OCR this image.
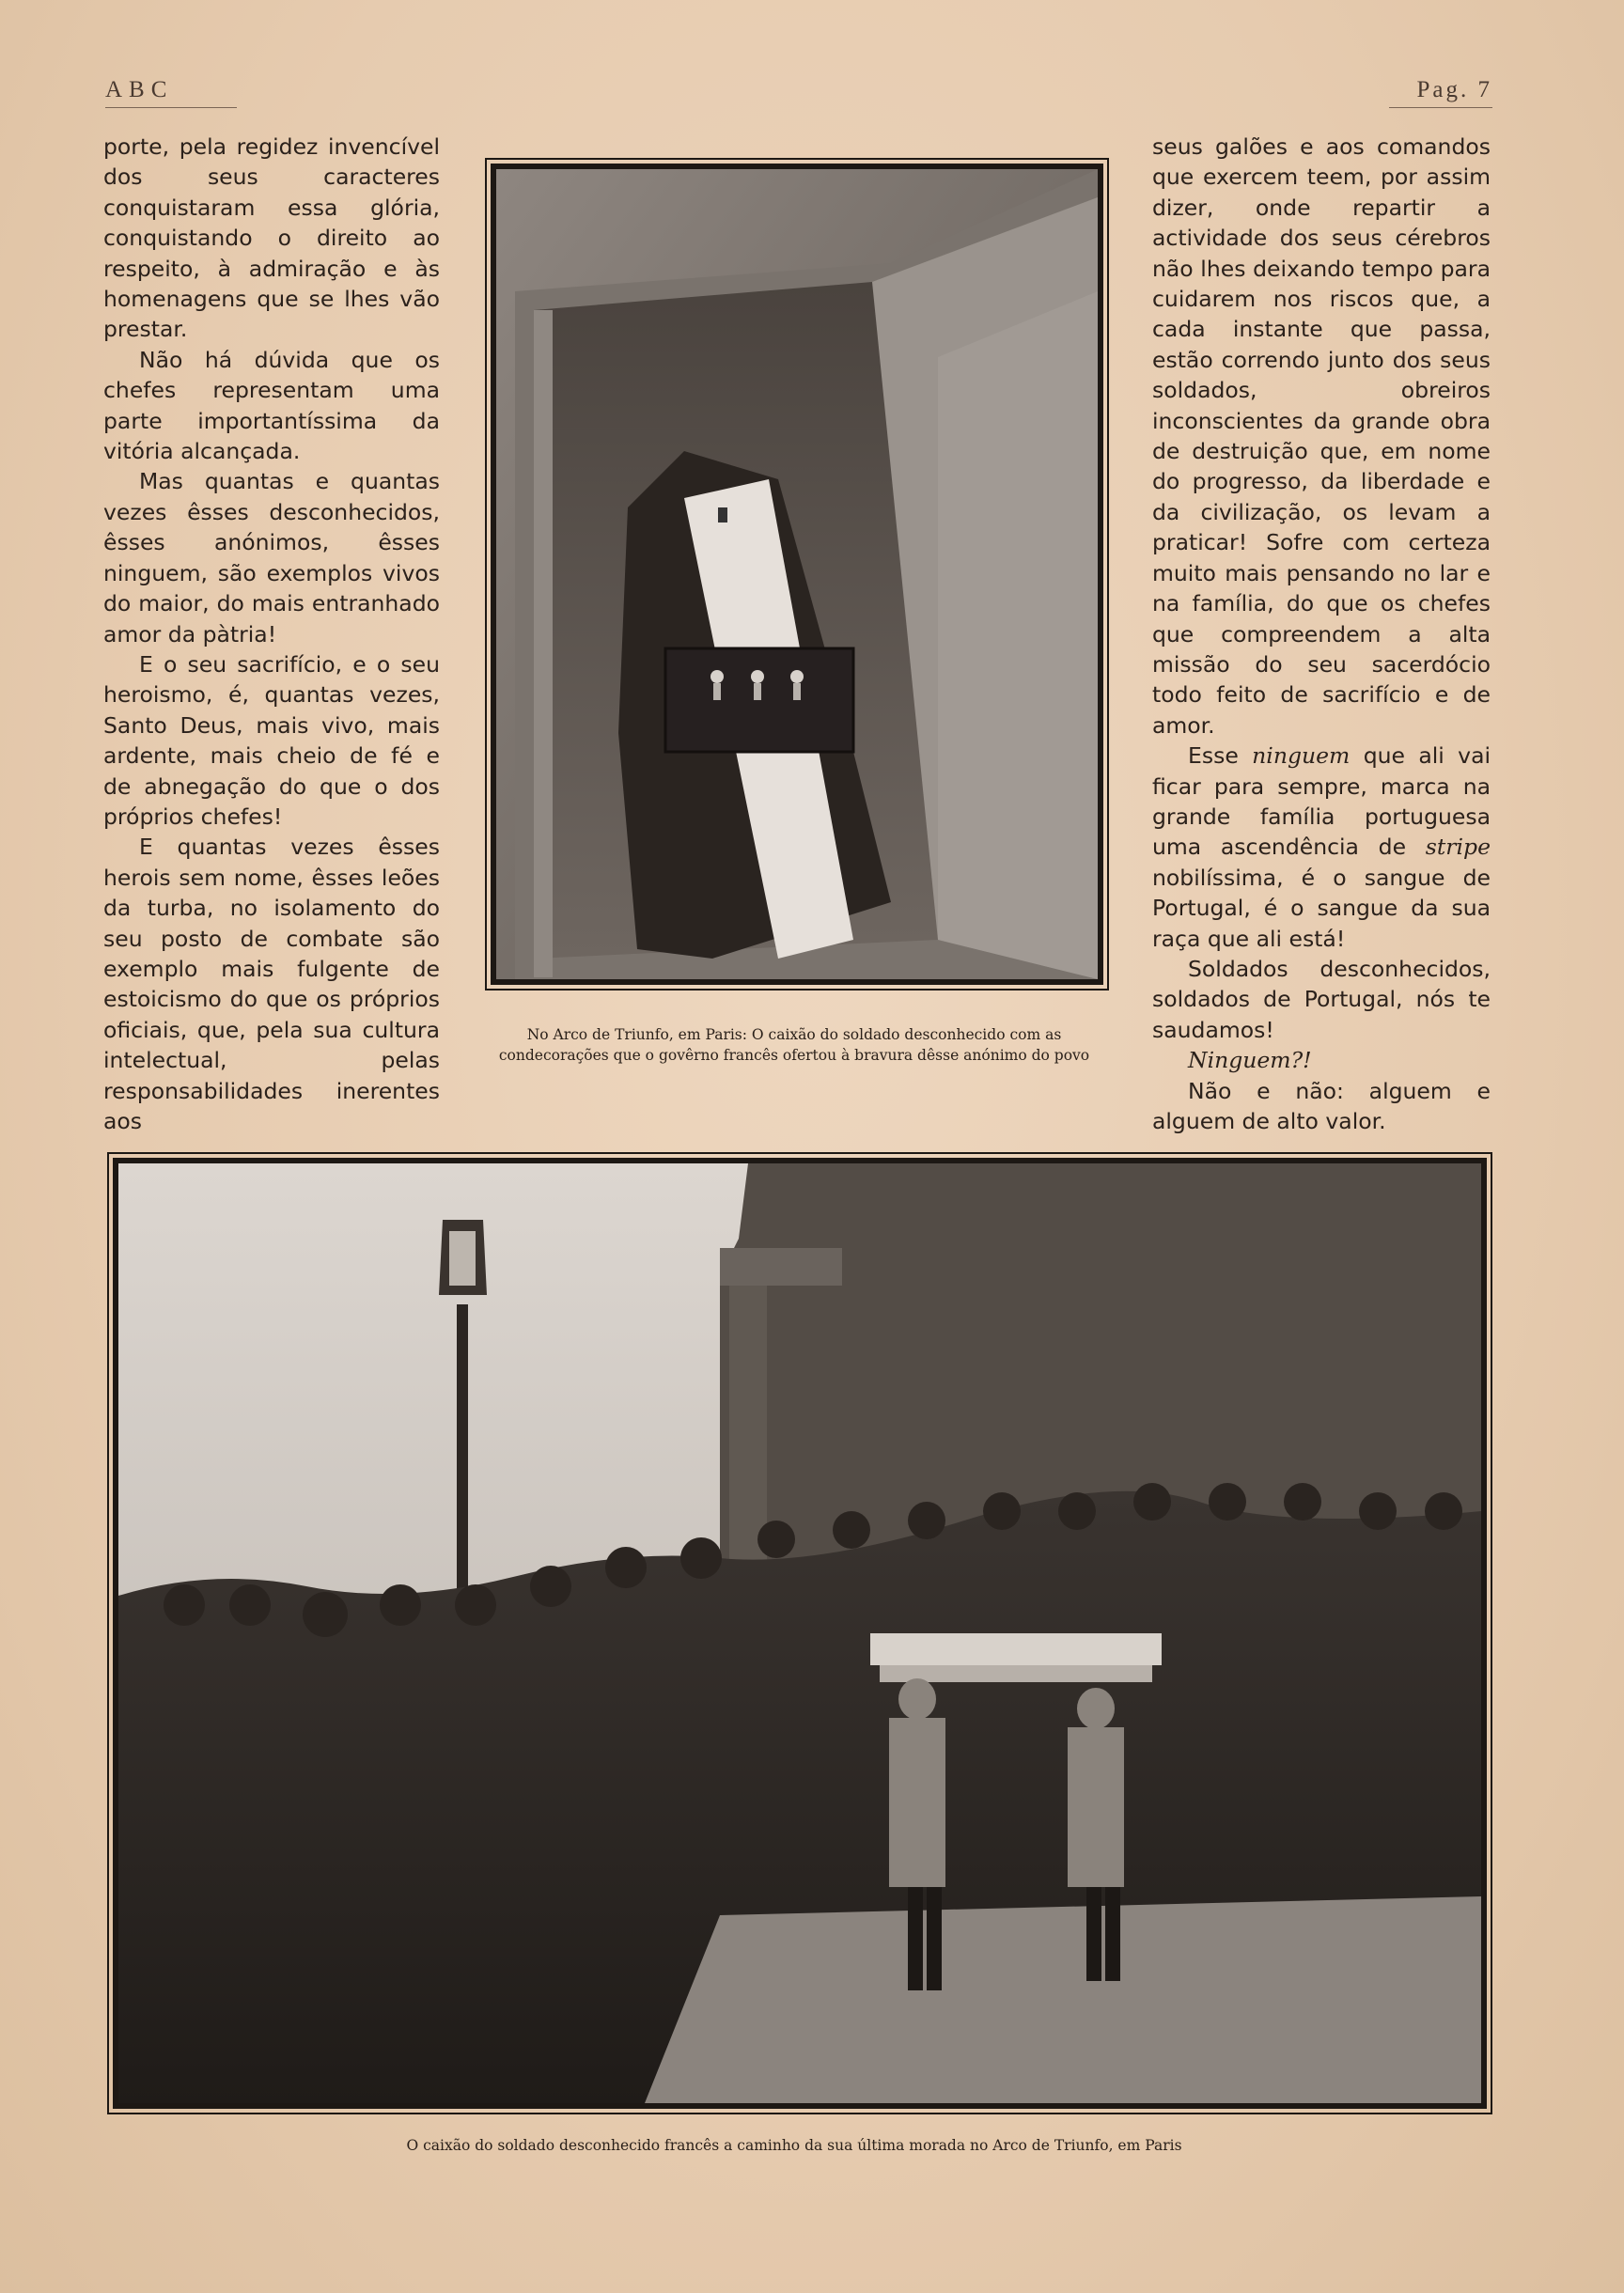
ABC	Pag. 7

porte, pela regidez invencível dos seus caracteres conquistaram essa glória, conquistando o direito ao respeito, à admiração e às homenagens que se lhes vão prestar.

Não há dúvida que os chefes representam uma parte importantíssima da vitória alcançada.

Mas quantas e quantas vezes êsses desconhecidos, êsses anónimos, êsses ninguem, são exemplos vivos do maior, do mais entranhado amor da pàtria!

E o seu sacrifício, e o seu heroismo, é, quantas vezes, Santo Deus, mais vivo, mais ardente, mais cheio de fé e de abnegação do que o dos próprios chefes!

E quantas vezes êsses herois sem nome, êsses leões da turba, no isolamento do seu posto de combate são exemplo mais fulgente de estoicismo do que os próprios oficiais, que, pela sua cultura intelectual, pelas responsabilidades inerentes aos

No Arco de Triunfo, em Paris: O caixão do soldado desconhecido com as condecorações que o govêrno francês ofertou à bravura dêsse anónimo do povo

seus galões e aos comandos que exercem teem, por assim dizer, onde repartir a actividade dos seus cérebros não lhes deixando tempo para cuidarem nos riscos que, a cada instante que passa, estão correndo junto dos seus soldados, obreiros inconscientes da grande obra de destruição que, em nome do progresso, da liberdade e da civilização, os levam a praticar! Sofre com certeza muito mais pensando no lar e na família, do que os chefes que compreendem a alta missão do seu sacerdócio todo feito de sacrifício e de amor.

Esse ninguem que ali vai ficar para sempre, marca na grande família portuguesa uma ascendência de stripe nobilíssima, é o sangue de Portugal, é o sangue da sua raça que ali está!

Soldados desconhecidos, soldados de Portugal, nós te saudamos!

Ninguem?!

Não e não: alguem e alguem de alto valor.

O caixão do soldado desconhecido francês a caminho da sua última morada no Arco de Triunfo, em Paris
